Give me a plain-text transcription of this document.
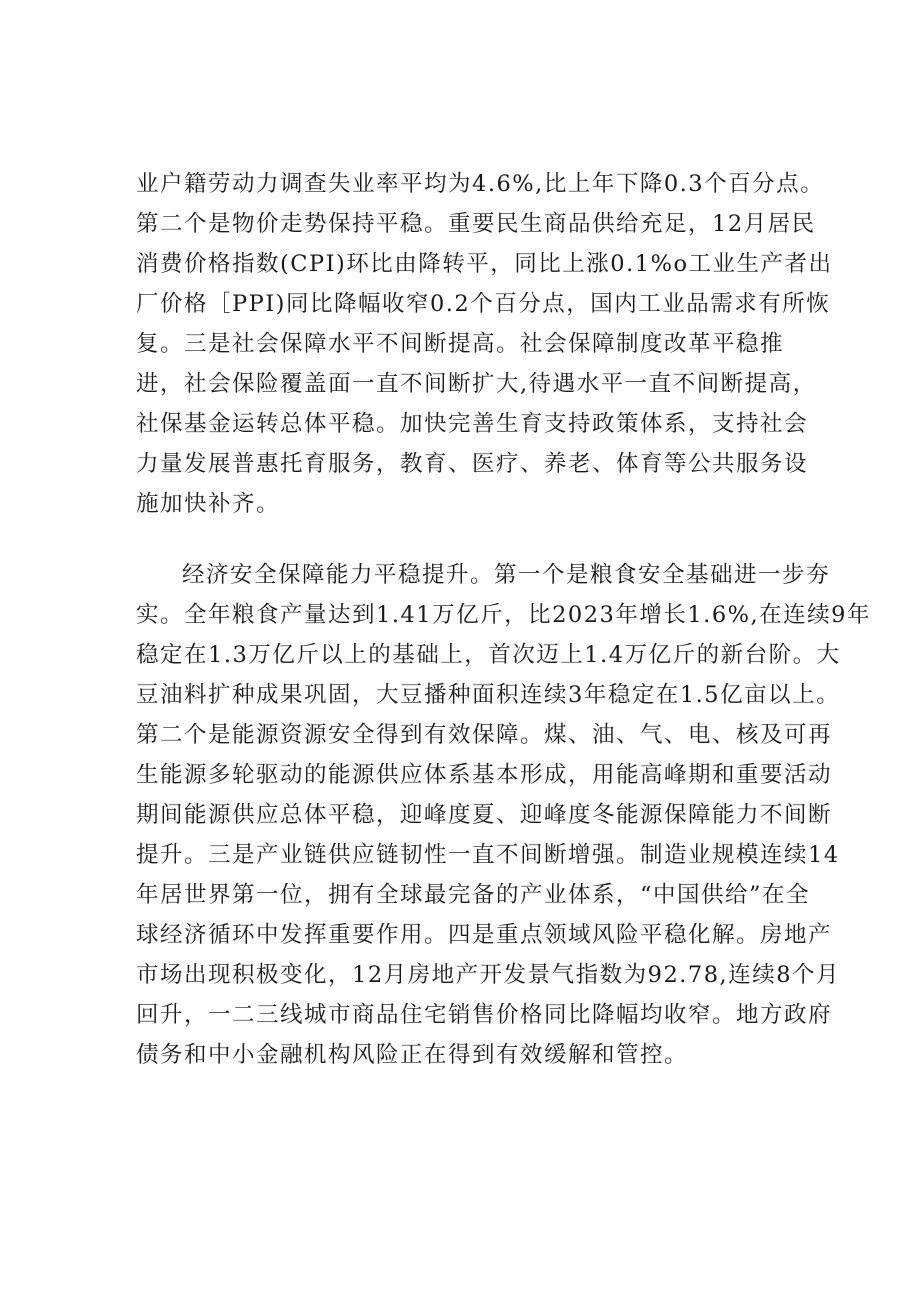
业户籍劳动力调查失业率平均为4.6%,比上年下降0.3个百分点。
第二个是物价走势保持平稳。重要民生商品供给充足，12月居民
消费价格指数(CPI)环比由降转平，同比上涨0.1%o工业生产者出
厂价格［PPI)同比降幅收窄0.2个百分点，国内工业品需求有所恢
复。三是社会保障水平不间断提高。社会保障制度改革平稳推
进，社会保险覆盖面一直不间断扩大,待遇水平一直不间断提高，
社保基金运转总体平稳。加快完善生育支持政策体系，支持社会
力量发展普惠托育服务，教育、医疗、养老、体育等公共服务设
施加快补齐。
经济安全保障能力平稳提升。第一个是粮食安全基础进一步夯
实。全年粮食产量达到1.41万亿斤，比2023年增长1.6%,在连续9年
稳定在1.3万亿斤以上的基础上，首次迈上1.4万亿斤的新台阶。大
豆油料扩种成果巩固，大豆播种面积连续3年稳定在1.5亿亩以上。
第二个是能源资源安全得到有效保障。煤、油、气、电、核及可再
生能源多轮驱动的能源供应体系基本形成，用能高峰期和重要活动
期间能源供应总体平稳，迎峰度夏、迎峰度冬能源保障能力不间断
提升。三是产业链供应链韧性一直不间断增强。制造业规模连续14
年居世界第一位，拥有全球最完备的产业体系，“中国供给”在全
球经济循环中发挥重要作用。四是重点领域风险平稳化解。房地产
市场出现积极变化，12月房地产开发景气指数为92.78,连续8个月
回升，一二三线城市商品住宅销售价格同比降幅均收窄。地方政府
债务和中小金融机构风险正在得到有效缓解和管控。
